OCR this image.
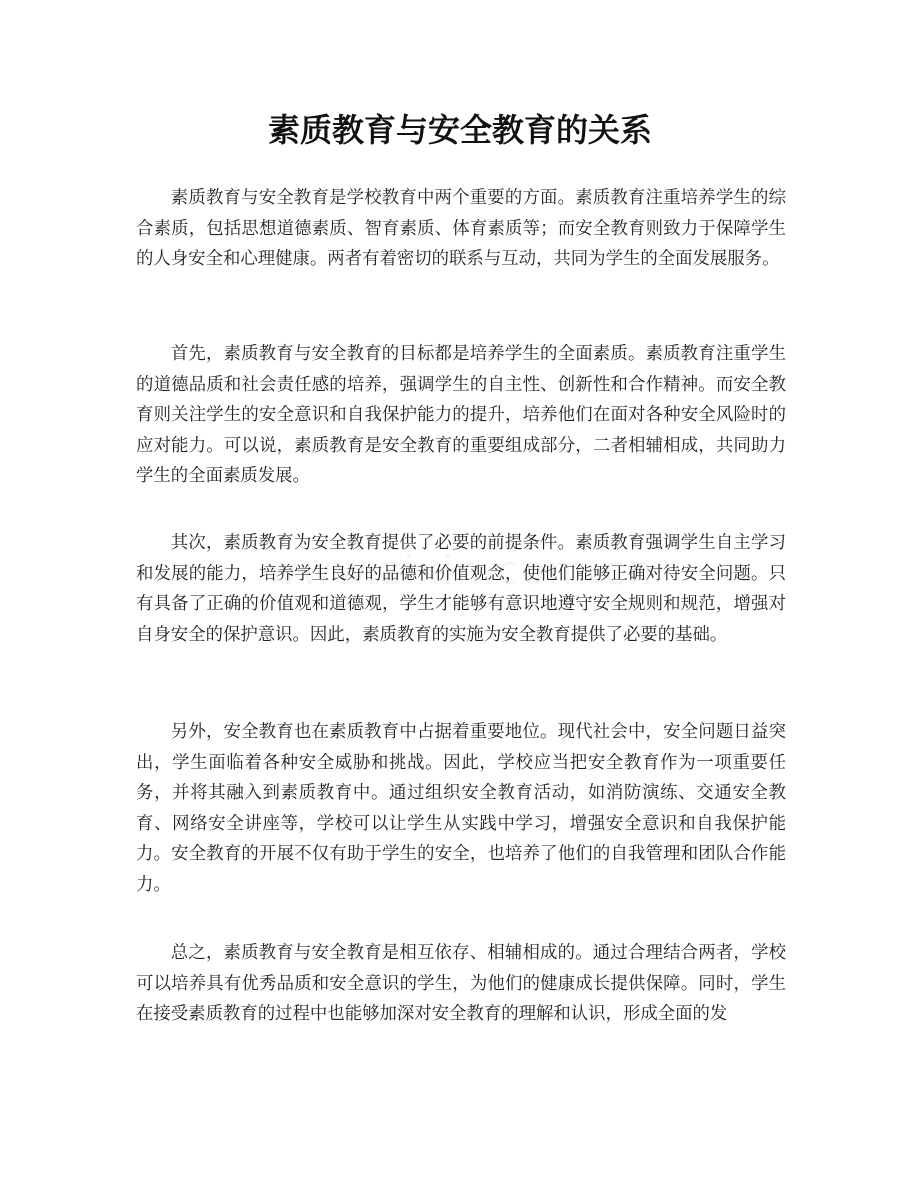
素质教育与安全教育的关系

素质教育与安全教育是学校教育中两个重要的方面。素质教育注重培养学生的综合素质，包括思想道德素质、智育素质、体育素质等；而安全教育则致力于保障学生的人身安全和心理健康。两者有着密切的联系与互动，共同为学生的全面发展服务。

首先，素质教育与安全教育的目标都是培养学生的全面素质。素质教育注重学生的道德品质和社会责任感的培养，强调学生的自主性、创新性和合作精神。而安全教育则关注学生的安全意识和自我保护能力的提升，培养他们在面对各种安全风险时的应对能力。可以说，素质教育是安全教育的重要组成部分，二者相辅相成，共同助力学生的全面素质发展。

其次，素质教育为安全教育提供了必要的前提条件。素质教育强调学生自主学习和发展的能力，培养学生良好的品德和价值观念，使他们能够正确对待安全问题。只有具备了正确的价值观和道德观，学生才能够有意识地遵守安全规则和规范，增强对自身安全的保护意识。因此，素质教育的实施为安全教育提供了必要的基础。

另外，安全教育也在素质教育中占据着重要地位。现代社会中，安全问题日益突出，学生面临着各种安全威胁和挑战。因此，学校应当把安全教育作为一项重要任务，并将其融入到素质教育中。通过组织安全教育活动，如消防演练、交通安全教育、网络安全讲座等，学校可以让学生从实践中学习，增强安全意识和自我保护能力。安全教育的开展不仅有助于学生的安全，也培养了他们的自我管理和团队合作能力。

总之，素质教育与安全教育是相互依存、相辅相成的。通过合理结合两者，学校可以培养具有优秀品质和安全意识的学生，为他们的健康成长提供保障。同时，学生在接受素质教育的过程中也能够加深对安全教育的理解和认识，形成全面的发
